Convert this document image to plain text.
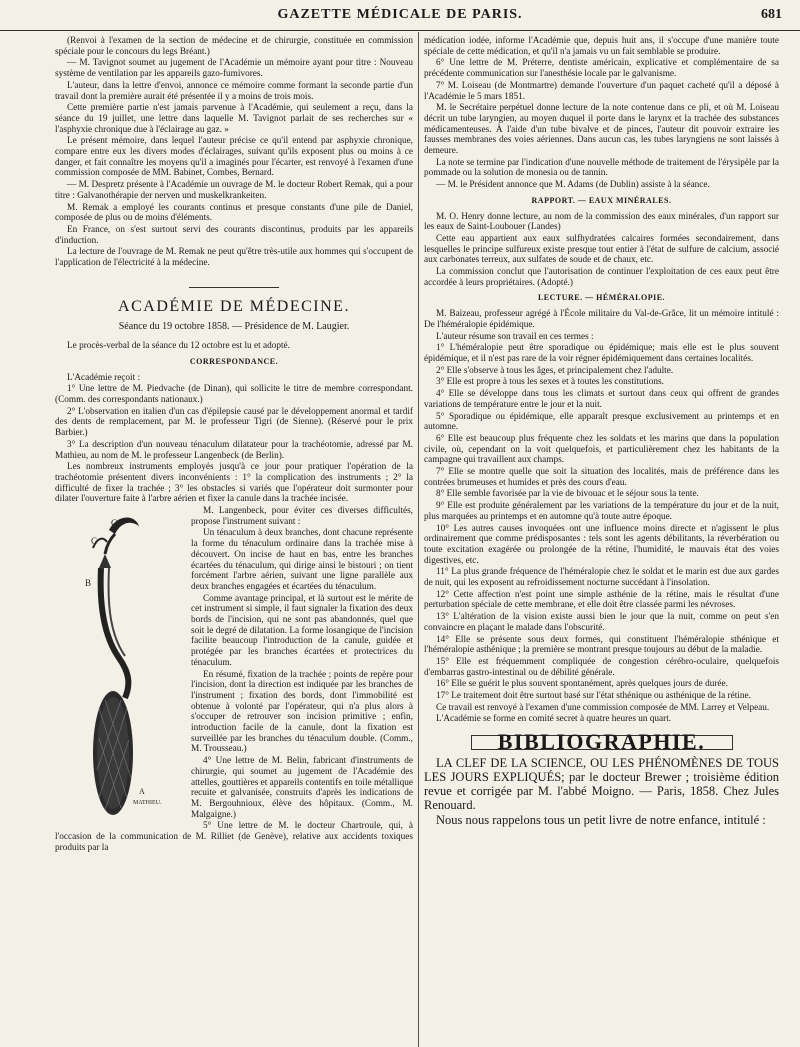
GAZETTE MÉDICALE DE PARIS.	681

(Renvoi à l'examen de la section de médecine et de chirurgie, constituée en commission spéciale pour le concours du legs Bréant.)

— M. Tavignot soumet au jugement de l'Académie un mémoire ayant pour titre : Nouveau système de ventilation par les appareils gazo-fumivores.

L'auteur, dans la lettre d'envoi, annonce ce mémoire comme formant la seconde partie d'un travail dont la première aurait été présentée il y a moins de trois mois.

Cette première partie n'est jamais parvenue à l'Académie, qui seulement a reçu, dans la séance du 19 juillet, une lettre dans laquelle M. Tavignot parlait de ses recherches sur « l'asphyxie chronique due à l'éclairage au gaz. »

Le présent mémoire, dans lequel l'auteur précise ce qu'il entend par asphyxie chronique, compare entre eux les divers modes d'éclairages, suivant qu'ils exposent plus ou moins à ce danger, et fait connaître les moyens qu'il a imaginés pour l'écarter, est renvoyé à l'examen d'une commission composée de MM. Babinet, Combes, Bernard.

— M. Despretz présente à l'Académie un ouvrage de M. le docteur Robert Remak, qui a pour titre : Galvanothérapie der nerven und muskelkrankeiten.

M. Remak a employé les courants continus et presque constants d'une pile de Daniel, composée de plus ou de moins d'éléments.

En France, on s'est surtout servi des courants discontinus, produits par les appareils d'induction.

La lecture de l'ouvrage de M. Remak ne peut qu'être très-utile aux hommes qui s'occupent de l'application de l'électricité à la médecine.

ACADÉMIE DE MÉDECINE.
Séance du 19 octobre 1858. — Présidence de M. Laugier.

Le procès-verbal de la séance du 12 octobre est lu et adopté.

CORRESPONDANCE.

L'Académie reçoit :

1° Une lettre de M. Piedvache (de Dinan), qui sollicite le titre de membre correspondant. (Comm. des correspondants nationaux.)

2° L'observation en italien d'un cas d'épilepsie causé par le développement anormal et tardif des dents de remplacement, par M. le professeur Tigri (de Sienne). (Réservé pour le prix Barbier.)

3° La description d'un nouveau ténaculum dilatateur pour la trachéotomie, adressé par M. Mathieu, au nom de M. le professeur Langenbeck (de Berlin).

Les nombreux instruments employés jusqu'à ce jour pour pratiquer l'opération de la trachéotomie présentent divers inconvénients : 1° la complication des instruments ; 2° la difficulté de fixer la trachée ; 3° les obstacles si variés que l'opérateur doit surmonter pour dilater l'ouverture faite à l'arbre aérien et fixer la canule dans la trachée incisée.

C
C
B
A
MATHIEU.

M. Langenbeck, pour éviter ces diverses difficultés, propose l'instrument suivant :

Un ténaculum à deux branches, dont chacune représente la forme du ténaculum ordinaire dans la trachée mise à découvert. On incise de haut en bas, entre les branches écartées du ténaculum, qui dirige ainsi le bistouri ; on tient forcément l'arbre aérien, suivant une ligne parallèle aux deux branches engagées et écartées du ténaculum.

Comme avantage principal, et là surtout est le mérite de cet instrument si simple, il faut signaler la fixation des deux bords de l'incision, qui ne sont pas abandonnés, quel que soit le degré de dilatation. La forme losangique de l'incision facilite beaucoup l'introduction de la canule, guidée et protégée par les branches écartées et protectrices du ténaculum.

En résumé, fixation de la trachée ; points de repère pour l'incision, dont la direction est indiquée par les branches de l'instrument ; fixation des bords, dont l'immobilité est obtenue à volonté par l'opérateur, qui n'a plus alors à s'occuper de retrouver son incision primitive ; enfin, introduction facile de la canule, dont la fixation est surveillée par les branches du ténaculum double. (Comm., M. Trousseau.)

4° Une lettre de M. Belin, fabricant d'instruments de chirurgie, qui soumet au jugement de l'Académie des attelles, gouttières et appareils contentifs en toile métallique recuite et galvanisée, construits d'après les indications de M. Bergouhnioux, élève des hôpitaux. (Comm., M. Malgaigne.)

5° Une lettre de M. le docteur Chartroule, qui, à l'occasion de la communication de M. Rilliet (de Genève), relative aux accidents toxiques produits par la

médication iodée, informe l'Académie que, depuis huit ans, il s'occupe d'une manière toute spéciale de cette médication, et qu'il n'a jamais vu un fait semblable se produire.

6° Une lettre de M. Préterre, dentiste américain, explicative et complémentaire de sa précédente communication sur l'anesthésie locale par le galvanisme.

7° M. Loiseau (de Montmartre) demande l'ouverture d'un paquet cacheté qu'il a déposé à l'Académie le 5 mars 1851.

M. le Secrétaire perpétuel donne lecture de la note contenue dans ce pli, et où M. Loiseau décrit un tube laryngien, au moyen duquel il porte dans le larynx et la trachée des substances médicamenteuses. À l'aide d'un tube bivalve et de pinces, l'auteur dit pouvoir extraire les fausses membranes des voies aériennes. Dans aucun cas, les tubes laryngiens ne sont laissés à demeure.

La note se termine par l'indication d'une nouvelle méthode de traitement de l'érysipèle par la pommade ou la solution de monesia ou de tannin.

— M. le Président annonce que M. Adams (de Dublin) assiste à la séance.

RAPPORT. — EAUX MINÉRALES.

M. O. Henry donne lecture, au nom de la commission des eaux minérales, d'un rapport sur les eaux de Saint-Loubouer (Landes)

Cette eau appartient aux eaux sulfhydratées calcaires formées secondairement, dans lesquelles le principe sulfureux existe presque tout entier à l'état de sulfure de calcium, associé aux carbonates terreux, aux sulfates de soude et de chaux, etc.

La commission conclut que l'autorisation de continuer l'exploitation de ces eaux peut être accordée à leurs propriétaires. (Adopté.)

LECTURE. — HÉMÉRALOPIE.

M. Baizeau, professeur agrégé à l'École militaire du Val-de-Grâce, lit un mémoire intitulé : De l'héméralopie épidémique.

L'auteur résume son travail en ces termes :

1° L'héméralopie peut être sporadique ou épidémique; mais elle est le plus souvent épidémique, et il n'est pas rare de la voir régner épidémiquement dans certaines localités.

2° Elle s'observe à tous les âges, et principalement chez l'adulte.

3° Elle est propre à tous les sexes et à toutes les constitutions.

4° Elle se développe dans tous les climats et surtout dans ceux qui offrent de grandes variations de température entre le jour et la nuit.

5° Sporadique ou épidémique, elle apparaît presque exclusivement au printemps et en automne.

6° Elle est beaucoup plus fréquente chez les soldats et les marins que dans la population civile, où, cependant on la voit quelquefois, et particulièrement chez les habitants de la campagne qui travaillent aux champs.

7° Elle se montre quelle que soit la situation des localités, mais de préférence dans les contrées brumeuses et humides et près des cours d'eau.

8° Elle semble favorisée par la vie de bivouac et le séjour sous la tente.

9° Elle est produite généralement par les variations de la température du jour et de la nuit, plus marquées au printemps et en automne qu'à toute autre époque.

10° Les autres causes invoquées ont une influence moins directe et n'agissent le plus ordinairement que comme prédisposantes : tels sont les agents débilitants, la réverbération ou toute excitation exagérée ou prolongée de la rétine, l'humidité, le mauvais état des voies digestives, etc.

11° La plus grande fréquence de l'héméralopie chez le soldat et le marin est due aux gardes de nuit, qui les exposent au refroidissement nocturne succédant à l'insolation.

12° Cette affection n'est point une simple asthénie de la rétine, mais le résultat d'une perturbation spéciale de cette membrane, et elle doit être classée parmi les névroses.

13° L'altération de la vision existe aussi bien le jour que la nuit, comme on peut s'en convaincre en plaçant le malade dans l'obscurité.

14° Elle se présente sous deux formes, qui constituent l'héméralopie sthénique et l'héméralopie asthénique ; la première se montrant presque toujours au début de la maladie.

15° Elle est fréquemment compliquée de congestion cérébro-oculaire, quelquefois d'embarras gastro-intestinal ou de débilité générale.

16° Elle se guérit le plus souvent spontanément, après quelques jours de durée.

17° Le traitement doit être surtout basé sur l'état sthénique ou asthénique de la rétine.

Ce travail est renvoyé à l'examen d'une commission composée de MM. Larrey et Velpeau.

L'Académie se forme en comité secret à quatre heures un quart.

BIBLIOGRAPHIE.

LA CLEF DE LA SCIENCE, OU LES PHÉNOMÈNES DE TOUS LES JOURS EXPLIQUÉS; par le docteur Brewer ; troisième édition revue et corrigée par M. l'abbé Moigno. — Paris, 1858. Chez Jules Renouard.

Nous nous rappelons tous un petit livre de notre enfance, intitulé :
